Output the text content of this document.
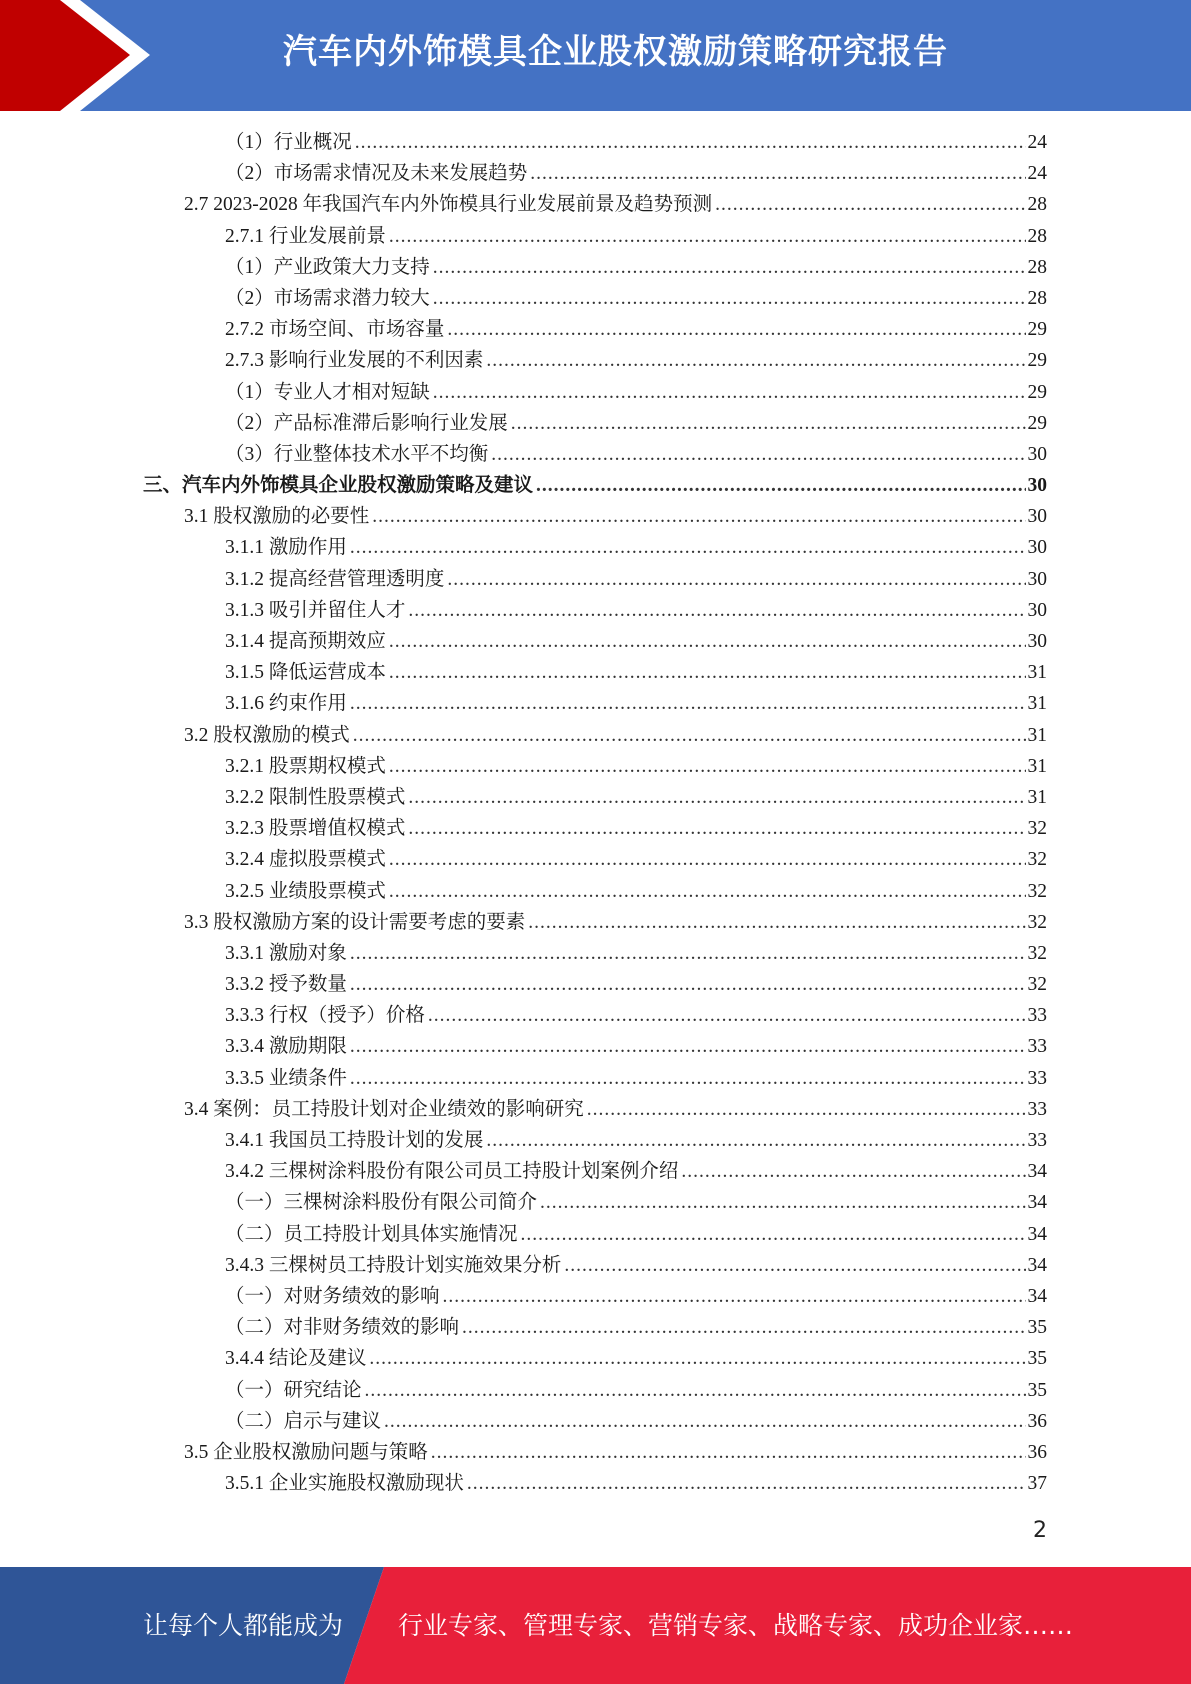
汽车内外饰模具企业股权激励策略研究报告
（1）行业概况 .....	24
（2）市场需求情况及未来发展趋势 .....	24
2.7 2023-2028 年我国汽车内外饰模具行业发展前景及趋势预测 .....	28
2.7.1 行业发展前景 .....	28
（1）产业政策大力支持 .....	28
（2）市场需求潜力较大 .....	28
2.7.2 市场空间、市场容量 .....	29
2.7.3 影响行业发展的不利因素 .....	29
（1）专业人才相对短缺 .....	29
（2）产品标准滞后影响行业发展 .....	29
（3）行业整体技术水平不均衡 .....	30
三、汽车内外饰模具企业股权激励策略及建议 .....	30
3.1 股权激励的必要性 .....	30
3.1.1 激励作用 .....	30
3.1.2 提高经营管理透明度 .....	30
3.1.3 吸引并留住人才 .....	30
3.1.4 提高预期效应 .....	30
3.1.5 降低运营成本 .....	31
3.1.6 约束作用 .....	31
3.2 股权激励的模式 .....	31
3.2.1 股票期权模式 .....	31
3.2.2 限制性股票模式 .....	31
3.2.3 股票增值权模式 .....	32
3.2.4 虚拟股票模式 .....	32
3.2.5 业绩股票模式 .....	32
3.3 股权激励方案的设计需要考虑的要素 .....	32
3.3.1 激励对象 .....	32
3.3.2 授予数量 .....	32
3.3.3 行权（授予）价格 .....	33
3.3.4 激励期限 .....	33
3.3.5 业绩条件 .....	33
3.4 案例：员工持股计划对企业绩效的影响研究 .....	33
3.4.1 我国员工持股计划的发展 .....	33
3.4.2 三棵树涂料股份有限公司员工持股计划案例介绍 .....	34
（一）三棵树涂料股份有限公司简介 .....	34
（二）员工持股计划具体实施情况 .....	34
3.4.3 三棵树员工持股计划实施效果分析 .....	34
（一）对财务绩效的影响 .....	34
（二）对非财务绩效的影响 .....	35
3.4.4 结论及建议 .....	35
（一）研究结论 .....	35
（二）启示与建议 .....	36
3.5 企业股权激励问题与策略 .....	36
3.5.1 企业实施股权激励现状 .....	37
2
让每个人都能成为 行业专家、管理专家、营销专家、战略专家、成功企业家……
